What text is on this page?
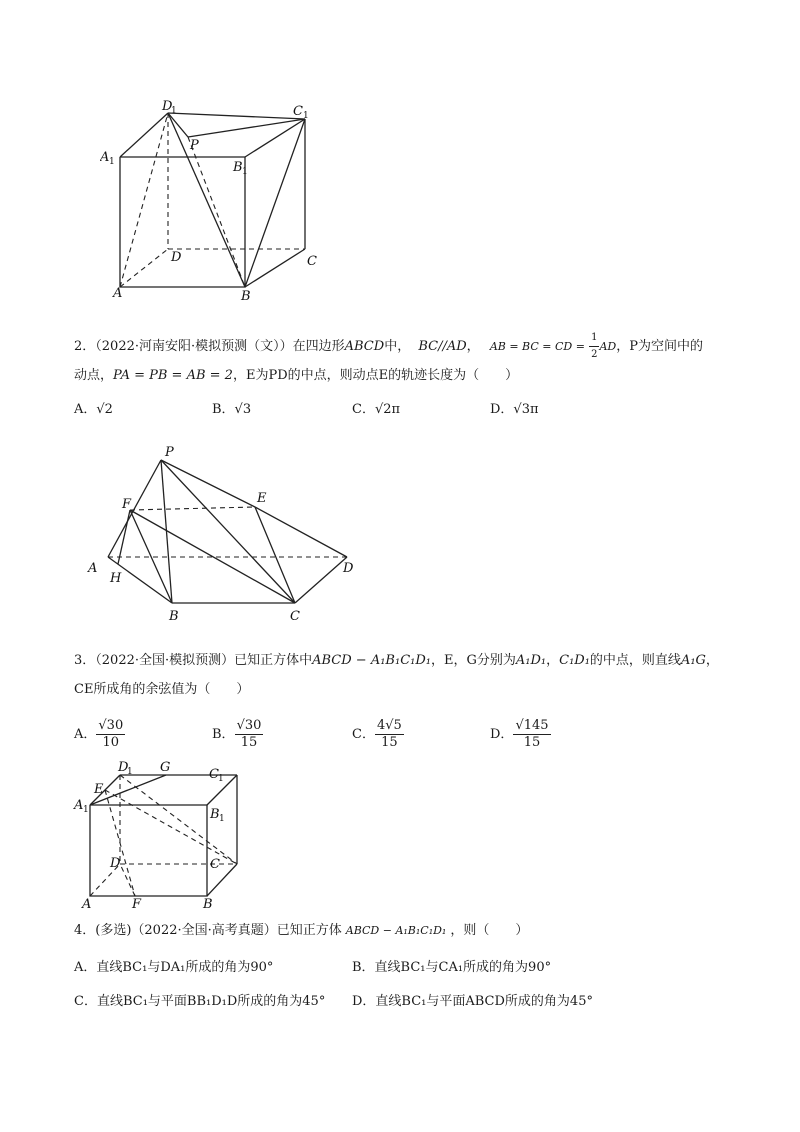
D
1	C 1
A 1	B 1
P
D	C
A	B
2．（2022·河南安阳·模拟预测（文））在四边形ABCD中， BC//AD， AB = BC = CD = $\frac{1}{2}$ AD，P为空间中的
动点，PA = PB = AB = 2，E为PD的中点，则动点E的轨迹长度为（　　）
A．√2	B．√3	C．√2π	D．√3π
P
F	E
A
H
D
B	C
3．（2022·全国·模拟预测）已知正方体中ABCD − A₁B₁C₁D₁，E，G分别为A₁D₁，C₁D₁的中点，则直线A₁G，
CE所成角的余弦值为（　　）
A． $\frac{√30}{10}$	B． $\frac{√30}{15}$	C． $\frac{4√5}{15}$	D． $\frac{√145}{15}$
D
1 G	C 1
E
A 1	B 1
D	C
A	F	B
4．(多选)（2022·全国·高考真题）已知正方体 ABCD − A₁B₁C₁D₁ ，则（　　）
A．直线BC₁与DA₁所成的角为90°	B．直线BC₁与CA₁所成的角为90°
C．直线BC₁与平面BB₁D₁D所成的角为45° D．直线BC₁与平面ABCD所成的角为45°
